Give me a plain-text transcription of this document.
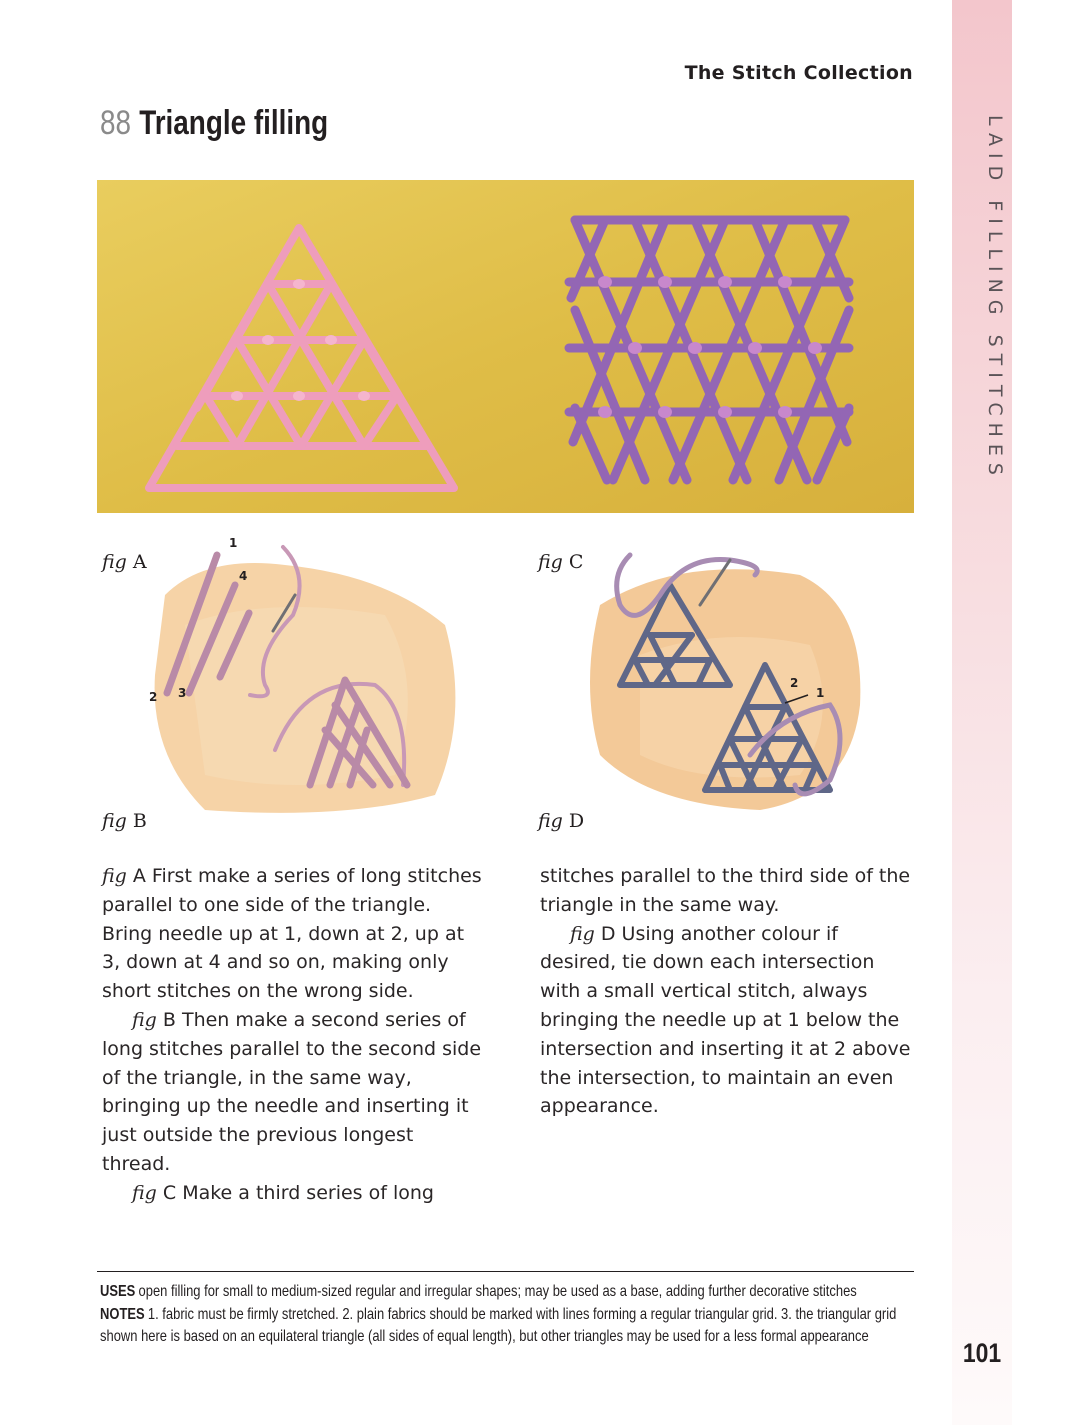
LAID FILLING STITCHES
The Stitch Collection
88 Triangle filling
fig A
1
4
2 3
fig B
fig C
2
1
fig D

fig A First make a series of long stitches parallel to one side of the triangle. Bring needle up at 1, down at 2, up at 3, down at 4 and so on, making only short stitches on the wrong side.

fig B Then make a second series of long stitches parallel to the second side of the triangle, in the same way, bringing up the needle and inserting it just outside the previous longest thread.

fig C Make a third series of long

stitches parallel to the third side of the triangle in the same way.

fig D Using another colour if desired, tie down each intersection with a small vertical stitch, always bringing the needle up at 1 below the intersection and inserting it at 2 above the intersection, to maintain an even appearance.

USES open filling for small to medium-sized regular and irregular shapes; may be used as a base, adding further decorative stitches

NOTES 1. fabric must be firmly stretched. 2. plain fabrics should be marked with lines forming a regular triangular grid. 3. the triangular grid shown here is based on an equilateral triangle (all sides of equal length), but other triangles may be used for a less formal appearance

101
